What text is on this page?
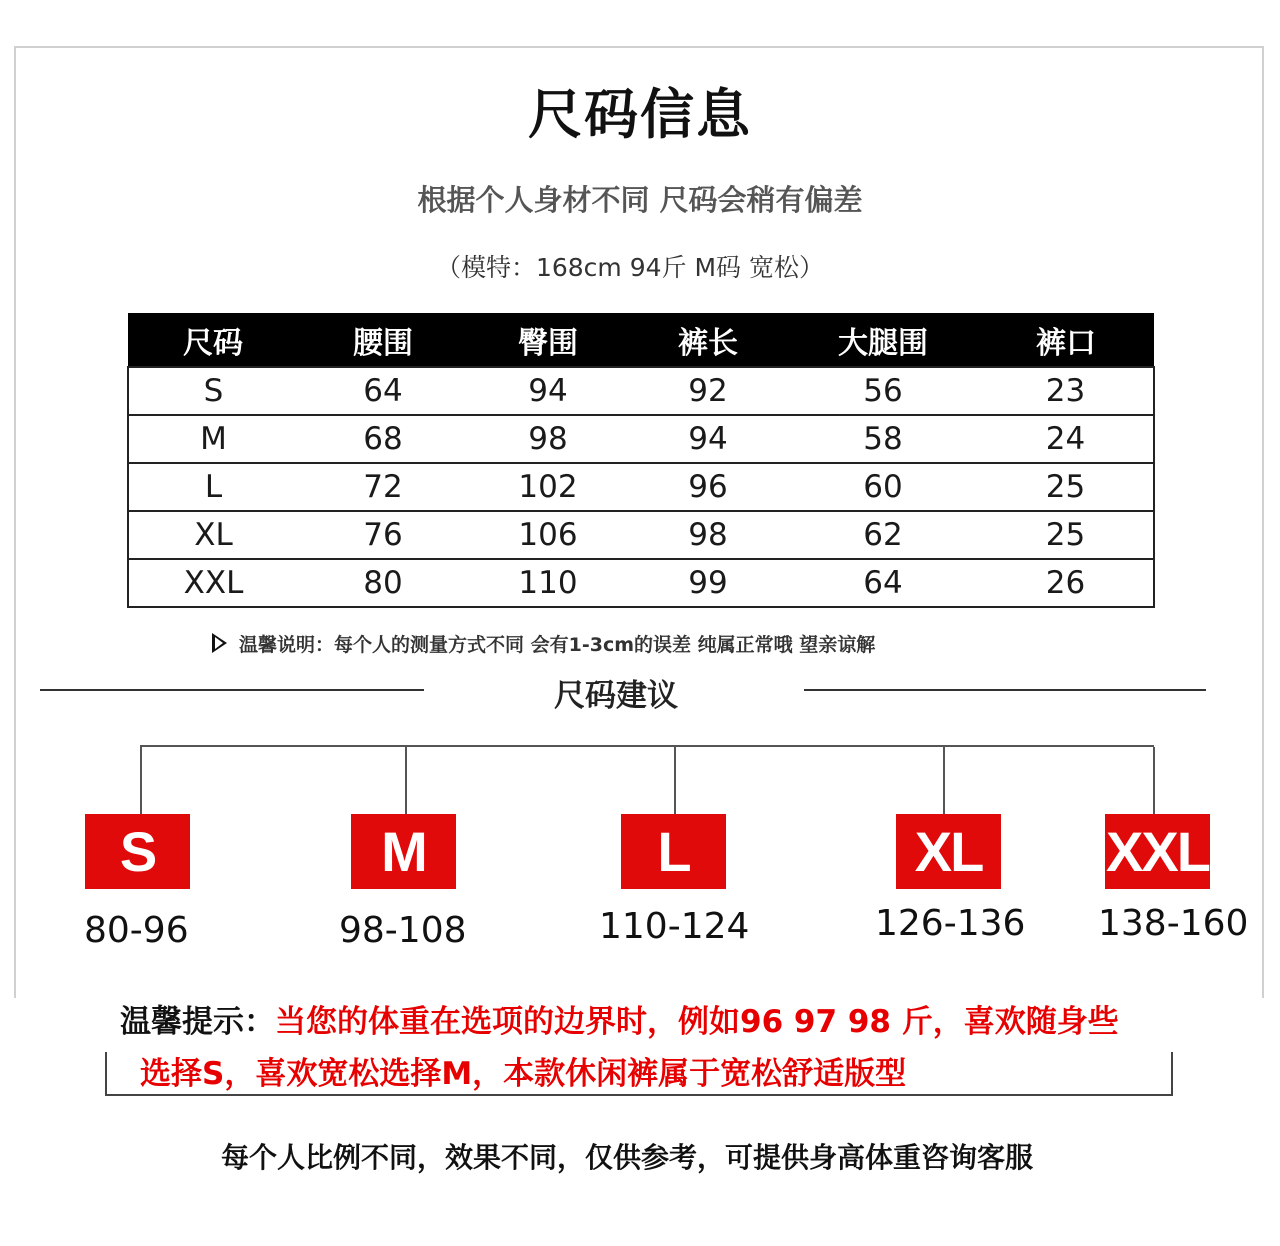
尺码信息
根据个人身材不同 尺码会稍有偏差
（模特：168cm 94斤 M码 宽松）
尺码	腰围	臀围	裤长	大腿围	裤口
S	64	94	92	56	23
M	68	98	94	58	24
L	72	102	96	60	25
XL	76	106	98	62	25
XXL	80	110	99	64	26
温馨说明：每个人的测量方式不同 会有1-3cm的误差 纯属正常哦 望亲谅解
尺码建议
S	M	L	XL	XXL
80-96	98-108	110-124	126-136 138-160
温馨提示：当您的体重在选项的边界时，例如96 97 98 斤，喜欢随身些
选择S，喜欢宽松选择M，本款休闲裤属于宽松舒适版型
每个人比例不同，效果不同，仅供参考，可提供身高体重咨询客服
